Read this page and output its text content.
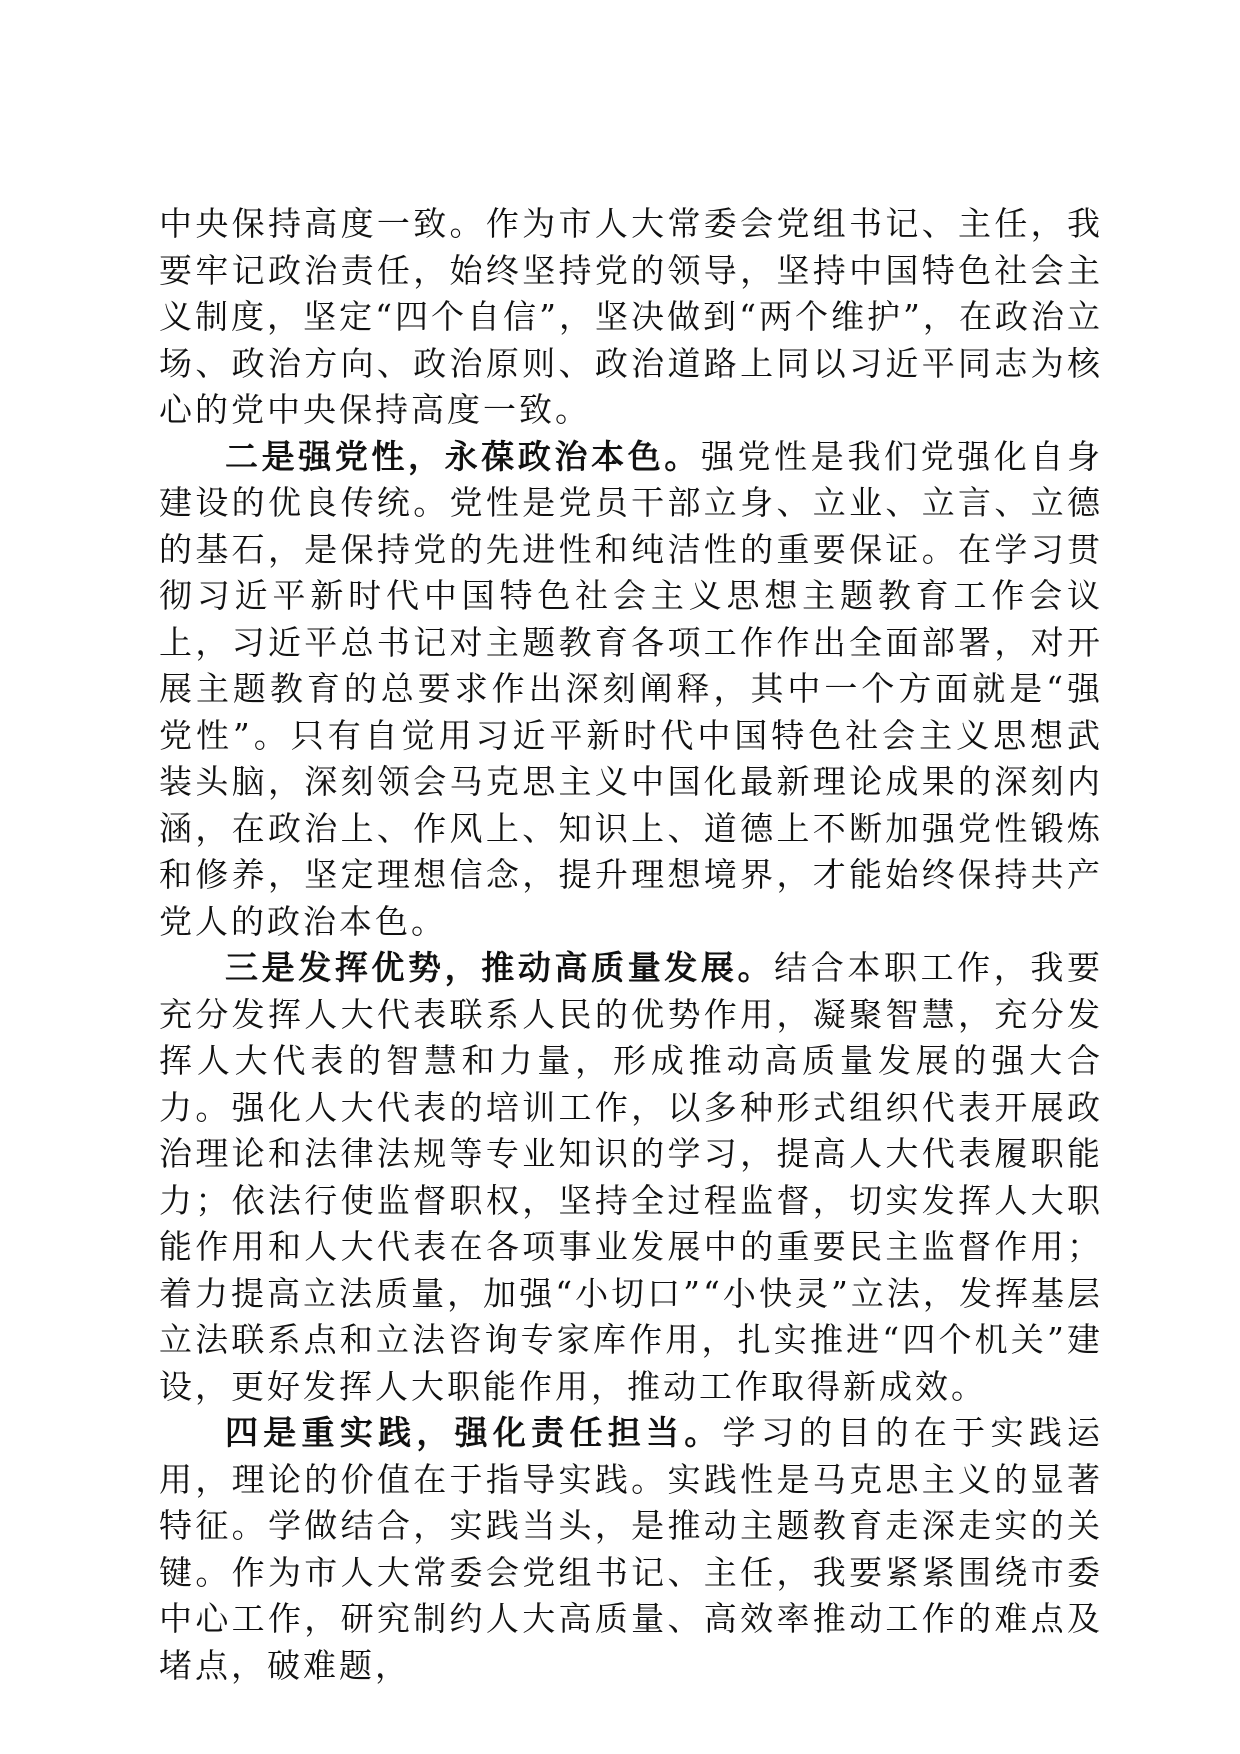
中央保持高度一致。作为市人大常委会党组书记、主任，我要牢记政治责任，始终坚持党的领导，坚持中国特色社会主义制度，坚定“四个自信”，坚决做到“两个维护”，在政治立场、政治方向、政治原则、政治道路上同以习近平同志为核心的党中央保持高度一致。

二是强党性，永葆政治本色。强党性是我们党强化自身建设的优良传统。党性是党员干部立身、立业、立言、立德的基石，是保持党的先进性和纯洁性的重要保证。在学习贯彻习近平新时代中国特色社会主义思想主题教育工作会议上，习近平总书记对主题教育各项工作作出全面部署，对开展主题教育的总要求作出深刻阐释，其中一个方面就是“强党性”。只有自觉用习近平新时代中国特色社会主义思想武装头脑，深刻领会马克思主义中国化最新理论成果的深刻内涵，在政治上、作风上、知识上、道德上不断加强党性锻炼和修养，坚定理想信念，提升理想境界，才能始终保持共产党人的政治本色。

三是发挥优势，推动高质量发展。结合本职工作，我要充分发挥人大代表联系人民的优势作用，凝聚智慧，充分发挥人大代表的智慧和力量，形成推动高质量发展的强大合力。强化人大代表的培训工作，以多种形式组织代表开展政治理论和法律法规等专业知识的学习，提高人大代表履职能力；依法行使监督职权，坚持全过程监督，切实发挥人大职能作用和人大代表在各项事业发展中的重要民主监督作用；着力提高立法质量，加强“小切口”“小快灵”立法，发挥基层立法联系点和立法咨询专家库作用，扎实推进“四个机关”建设，更好发挥人大职能作用，推动工作取得新成效。

四是重实践，强化责任担当。学习的目的在于实践运用，理论的价值在于指导实践。实践性是马克思主义的显著特征。学做结合，实践当头，是推动主题教育走深走实的关键。作为市人大常委会党组书记、主任，我要紧紧围绕市委中心工作，研究制约人大高质量、高效率推动工作的难点及堵点，破难题，
